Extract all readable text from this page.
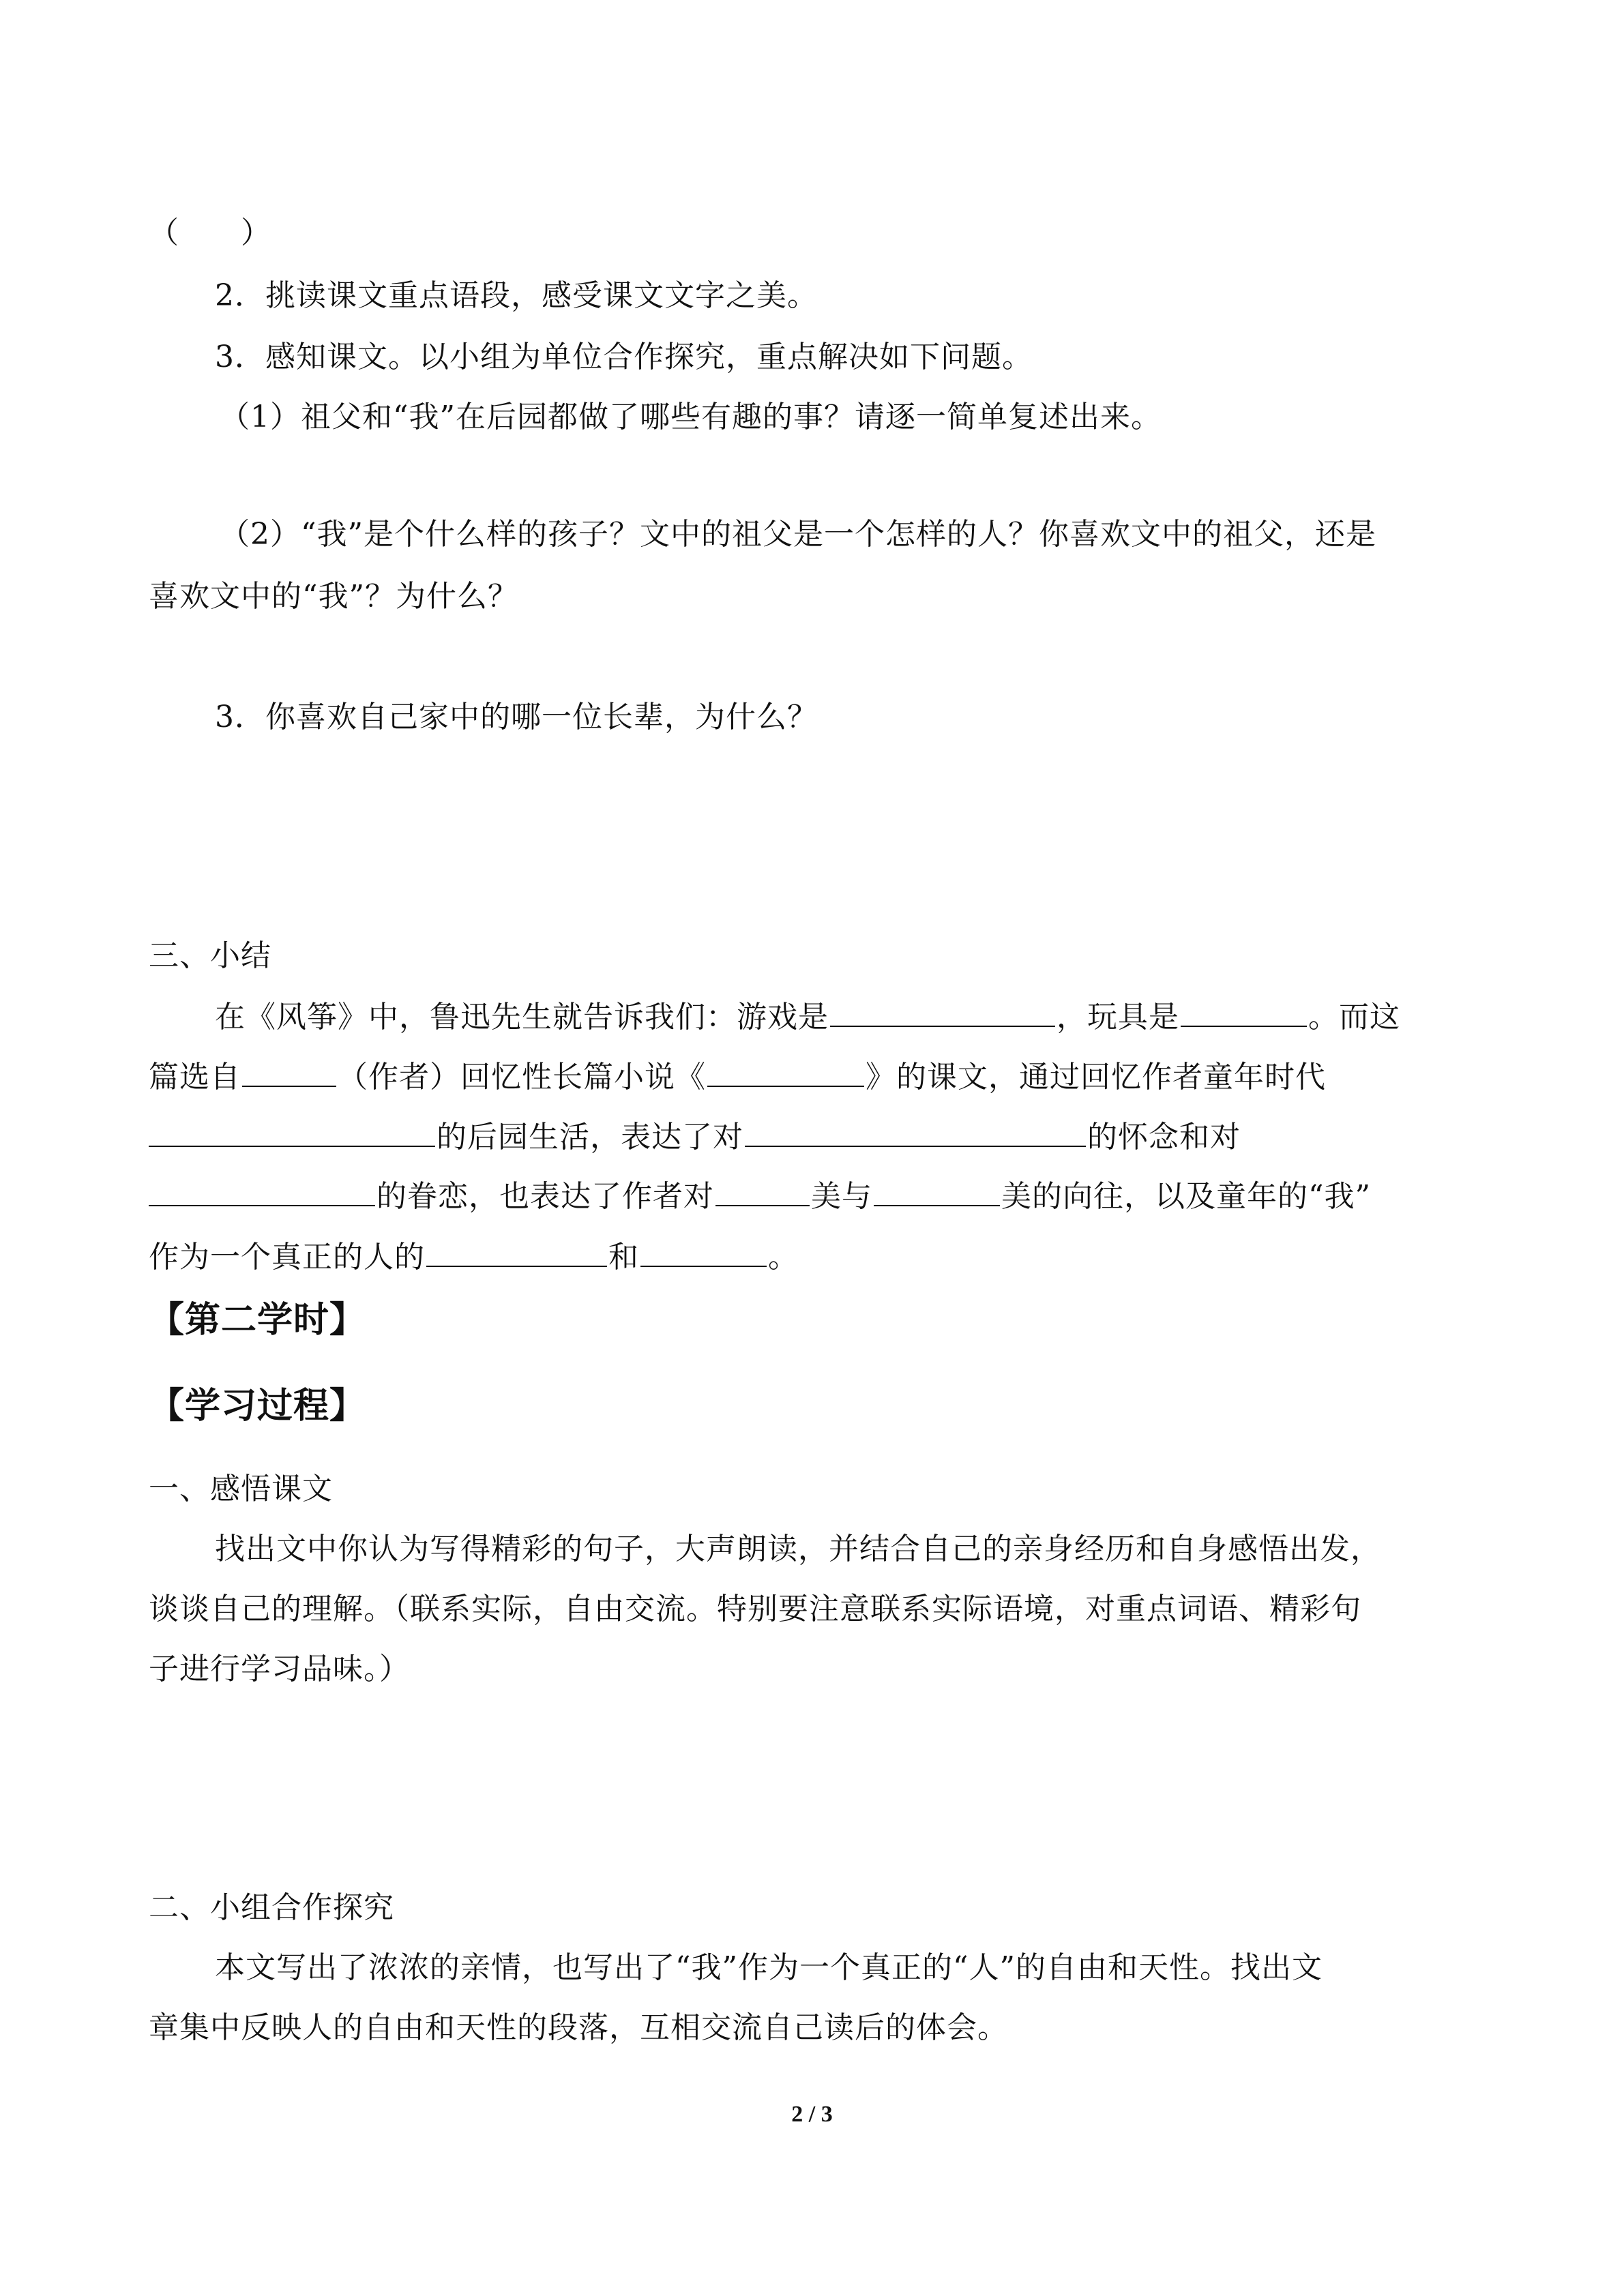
（　　）
2．挑读课文重点语段，感受课文文字之美。
3．感知课文。以小组为单位合作探究，重点解决如下问题。
（1）祖父和“我”在后园都做了哪些有趣的事？请逐一简单复述出来。
（2）“我”是个什么样的孩子？文中的祖父是一个怎样的人？你喜欢文中的祖父，还是
喜欢文中的“我”？为什么？
3．你喜欢自己家中的哪一位长辈，为什么？
三、小结
在《风筝》中，鲁迅先生就告诉我们：游戏是	，玩具是	。而这
篇选自	（作者）回忆性长篇小说《	》的课文，通过回忆作者童年时代
的后园生活，表达了对	的怀念和对
的眷恋，也表达了作者对	美与	美的向往，以及童年的“我”
作为一个真正的人的	和	。
【第二学时】
【学习过程】
一、感悟课文
找出文中你认为写得精彩的句子，大声朗读，并结合自己的亲身经历和自身感悟出发，
谈谈自己的理解。（联系实际，自由交流。特别要注意联系实际语境，对重点词语、精彩句
子进行学习品味。）
二、小组合作探究
本文写出了浓浓的亲情，也写出了“我”作为一个真正的“人”的自由和天性。找出文
章集中反映人的自由和天性的段落，互相交流自己读后的体会。
2 / 3
